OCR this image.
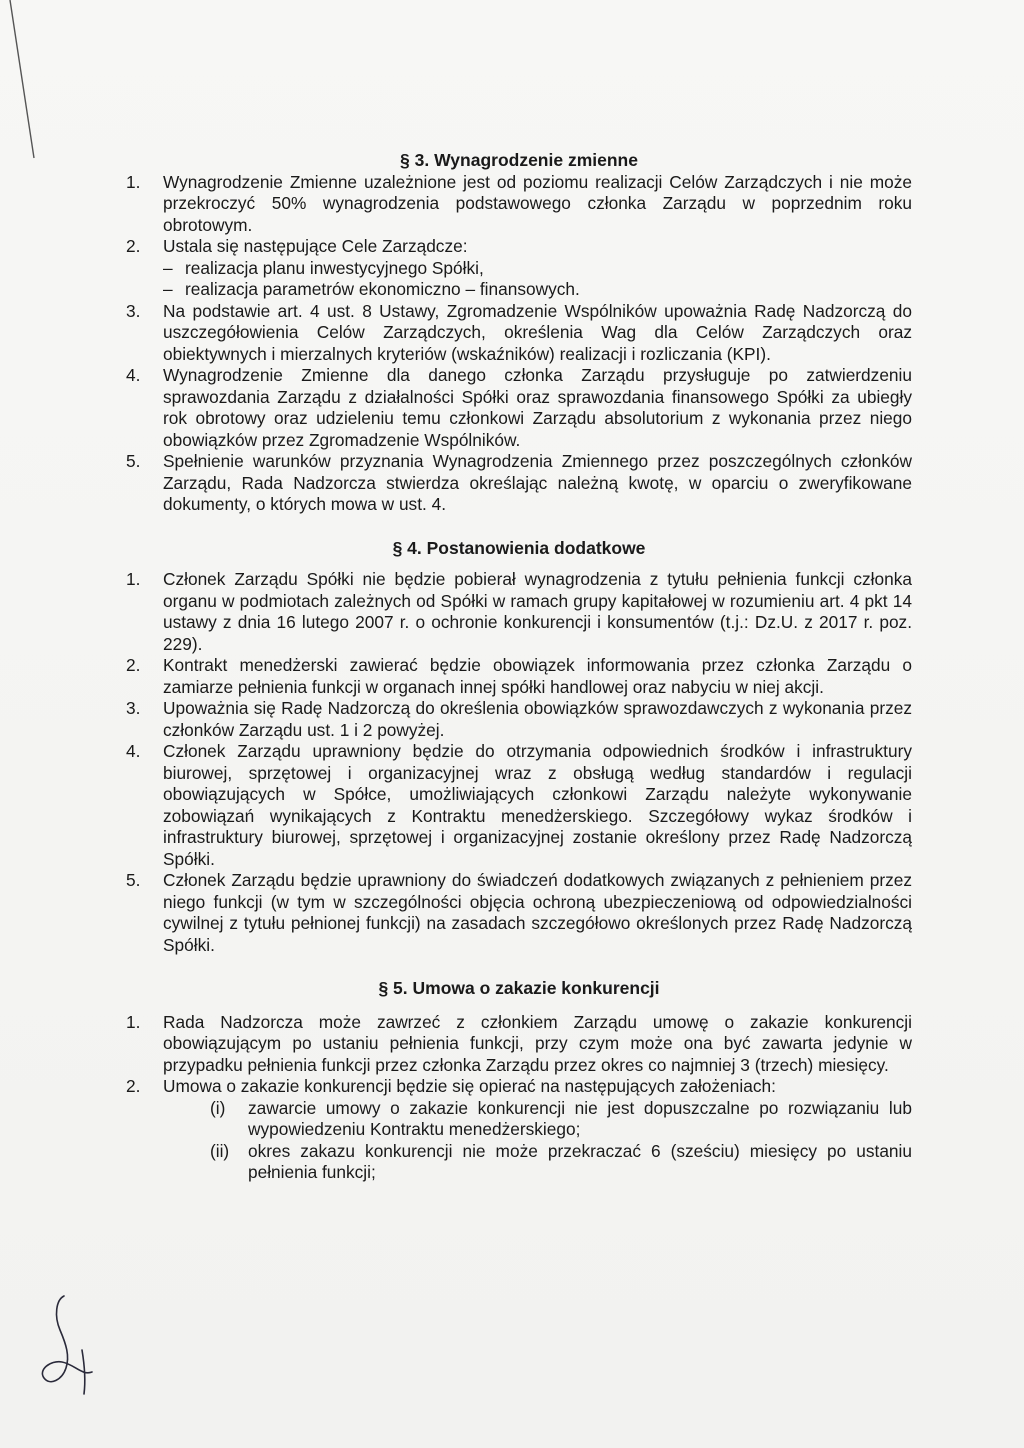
§ 3. Wynagrodzenie zmienne
1. Wynagrodzenie Zmienne uzależnione jest od poziomu realizacji Celów Zarządczych i nie może przekroczyć 50% wynagrodzenia podstawowego członka Zarządu w poprzednim roku obrotowym.
2. Ustala się następujące Cele Zarządcze:
– realizacja planu inwestycyjnego Spółki,
– realizacja parametrów ekonomiczno – finansowych.
3. Na podstawie art. 4 ust. 8 Ustawy, Zgromadzenie Wspólników upoważnia Radę Nadzorczą do uszczegółowienia Celów Zarządczych, określenia Wag dla Celów Zarządczych oraz obiektywnych i mierzalnych kryteriów (wskaźników) realizacji i rozliczania (KPI).
4. Wynagrodzenie Zmienne dla danego członka Zarządu przysługuje po zatwierdzeniu sprawozdania Zarządu z działalności Spółki oraz sprawozdania finansowego Spółki za ubiegły rok obrotowy oraz udzieleniu temu członkowi Zarządu absolutorium z wykonania przez niego obowiązków przez Zgromadzenie Wspólników.
5. Spełnienie warunków przyznania Wynagrodzenia Zmiennego przez poszczególnych członków Zarządu, Rada Nadzorcza stwierdza określając należną kwotę, w oparciu o zweryfikowane dokumenty, o których mowa w ust. 4.
§ 4. Postanowienia dodatkowe
1. Członek Zarządu Spółki nie będzie pobierał wynagrodzenia z tytułu pełnienia funkcji członka organu w podmiotach zależnych od Spółki w ramach grupy kapitałowej w rozumieniu art. 4 pkt 14 ustawy z dnia 16 lutego 2007 r. o ochronie konkurencji i konsumentów (t.j.: Dz.U. z 2017 r. poz. 229).
2. Kontrakt menedżerski zawierać będzie obowiązek informowania przez członka Zarządu o zamiarze pełnienia funkcji w organach innej spółki handlowej oraz nabyciu w niej akcji.
3. Upoważnia się Radę Nadzorczą do określenia obowiązków sprawozdawczych z wykonania przez członków Zarządu ust. 1 i 2 powyżej.
4. Członek Zarządu uprawniony będzie do otrzymania odpowiednich środków i infrastruktury biurowej, sprzętowej i organizacyjnej wraz z obsługą według standardów i regulacji obowiązujących w Spółce, umożliwiających członkowi Zarządu należyte wykonywanie zobowiązań wynikających z Kontraktu menedżerskiego. Szczegółowy wykaz środków i infrastruktury biurowej, sprzętowej i organizacyjnej zostanie określony przez Radę Nadzorczą Spółki.
5. Członek Zarządu będzie uprawniony do świadczeń dodatkowych związanych z pełnieniem przez niego funkcji (w tym w szczególności objęcia ochroną ubezpieczeniową od odpowiedzialności cywilnej z tytułu pełnionej funkcji) na zasadach szczegółowo określonych przez Radę Nadzorczą Spółki.
§ 5. Umowa o zakazie konkurencji
1. Rada Nadzorcza może zawrzeć z członkiem Zarządu umowę o zakazie konkurencji obowiązującym po ustaniu pełnienia funkcji, przy czym może ona być zawarta jedynie w przypadku pełnienia funkcji przez członka Zarządu przez okres co najmniej 3 (trzech) miesięcy.
2. Umowa o zakazie konkurencji będzie się opierać na następujących założeniach:
(i) zawarcie umowy o zakazie konkurencji nie jest dopuszczalne po rozwiązaniu lub wypowiedzeniu Kontraktu menedżerskiego;
(ii) okres zakazu konkurencji nie może przekraczać 6 (sześciu) miesięcy po ustaniu pełnienia funkcji;
